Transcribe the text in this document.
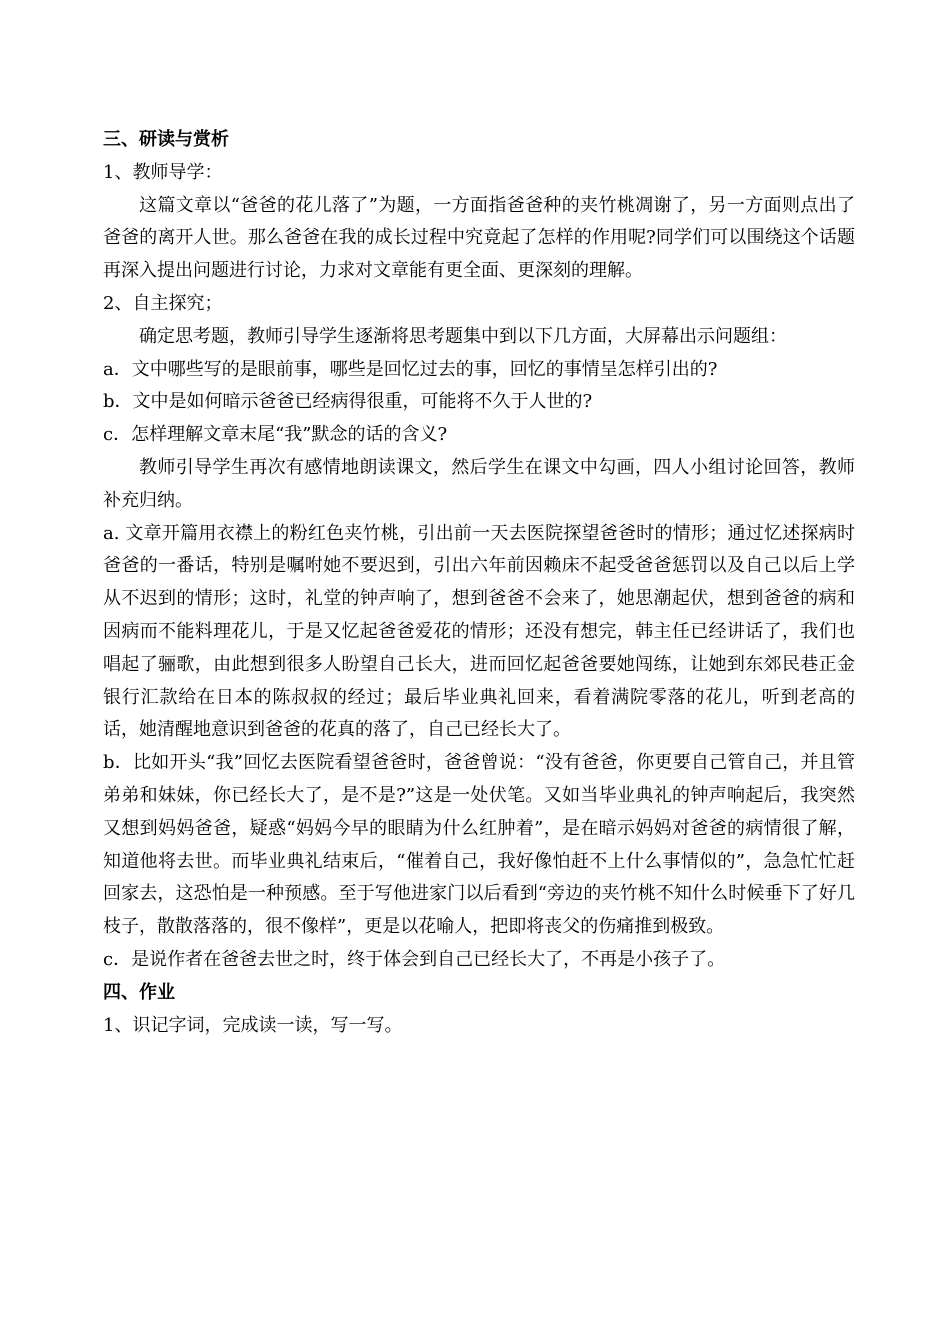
三、研读与赏析

1、教师导学：

这篇文章以“爸爸的花儿落了”为题，一方面指爸爸种的夹竹桃凋谢了，另一方面则点出了爸爸的离开人世。那么爸爸在我的成长过程中究竟起了怎样的作用呢?同学们可以围绕这个话题再深入提出问题进行讨论，力求对文章能有更全面、更深刻的理解。

2、自主探究；

确定思考题，教师引导学生逐渐将思考题集中到以下几方面，大屏幕出示问题组：

a．文中哪些写的是眼前事，哪些是回忆过去的事，回忆的事情呈怎样引出的?

b．文中是如何暗示爸爸已经病得很重，可能将不久于人世的?

c．怎样理解文章末尾“我”默念的话的含义?

教师引导学生再次有感情地朗读课文，然后学生在课文中勾画，四人小组讨论回答，教师补充归纳。

a. 文章开篇用衣襟上的粉红色夹竹桃，引出前一天去医院探望爸爸时的情形；通过忆述探病时爸爸的一番话，特别是嘱咐她不要迟到，引出六年前因赖床不起受爸爸惩罚以及自己以后上学从不迟到的情形；这时，礼堂的钟声响了，想到爸爸不会来了，她思潮起伏，想到爸爸的病和因病而不能料理花儿，于是又忆起爸爸爱花的情形；还没有想完，韩主任已经讲话了，我们也唱起了骊歌，由此想到很多人盼望自己长大，进而回忆起爸爸要她闯练，让她到东郊民巷正金银行汇款给在日本的陈叔叔的经过；最后毕业典礼回来，看着满院零落的花儿，听到老高的话，她清醒地意识到爸爸的花真的落了，自己已经长大了。

b．比如开头“我”回忆去医院看望爸爸时，爸爸曾说：“没有爸爸，你更要自己管自己，并且管弟弟和妹妹，你已经长大了，是不是?”这是一处伏笔。又如当毕业典礼的钟声响起后，我突然又想到妈妈爸爸，疑惑“妈妈今早的眼睛为什么红肿着”，是在暗示妈妈对爸爸的病情很了解，知道他将去世。而毕业典礼结束后，“催着自己，我好像怕赶不上什么事情似的”，急急忙忙赶回家去，这恐怕是一种预感。至于写他进家门以后看到“旁边的夹竹桃不知什么时候垂下了好几枝子，散散落落的，很不像样”，更是以花喻人，把即将丧父的伤痛推到极致。

c．是说作者在爸爸去世之时，终于体会到自己已经长大了，不再是小孩子了。

四、作业

1、识记字词，完成读一读，写一写。
